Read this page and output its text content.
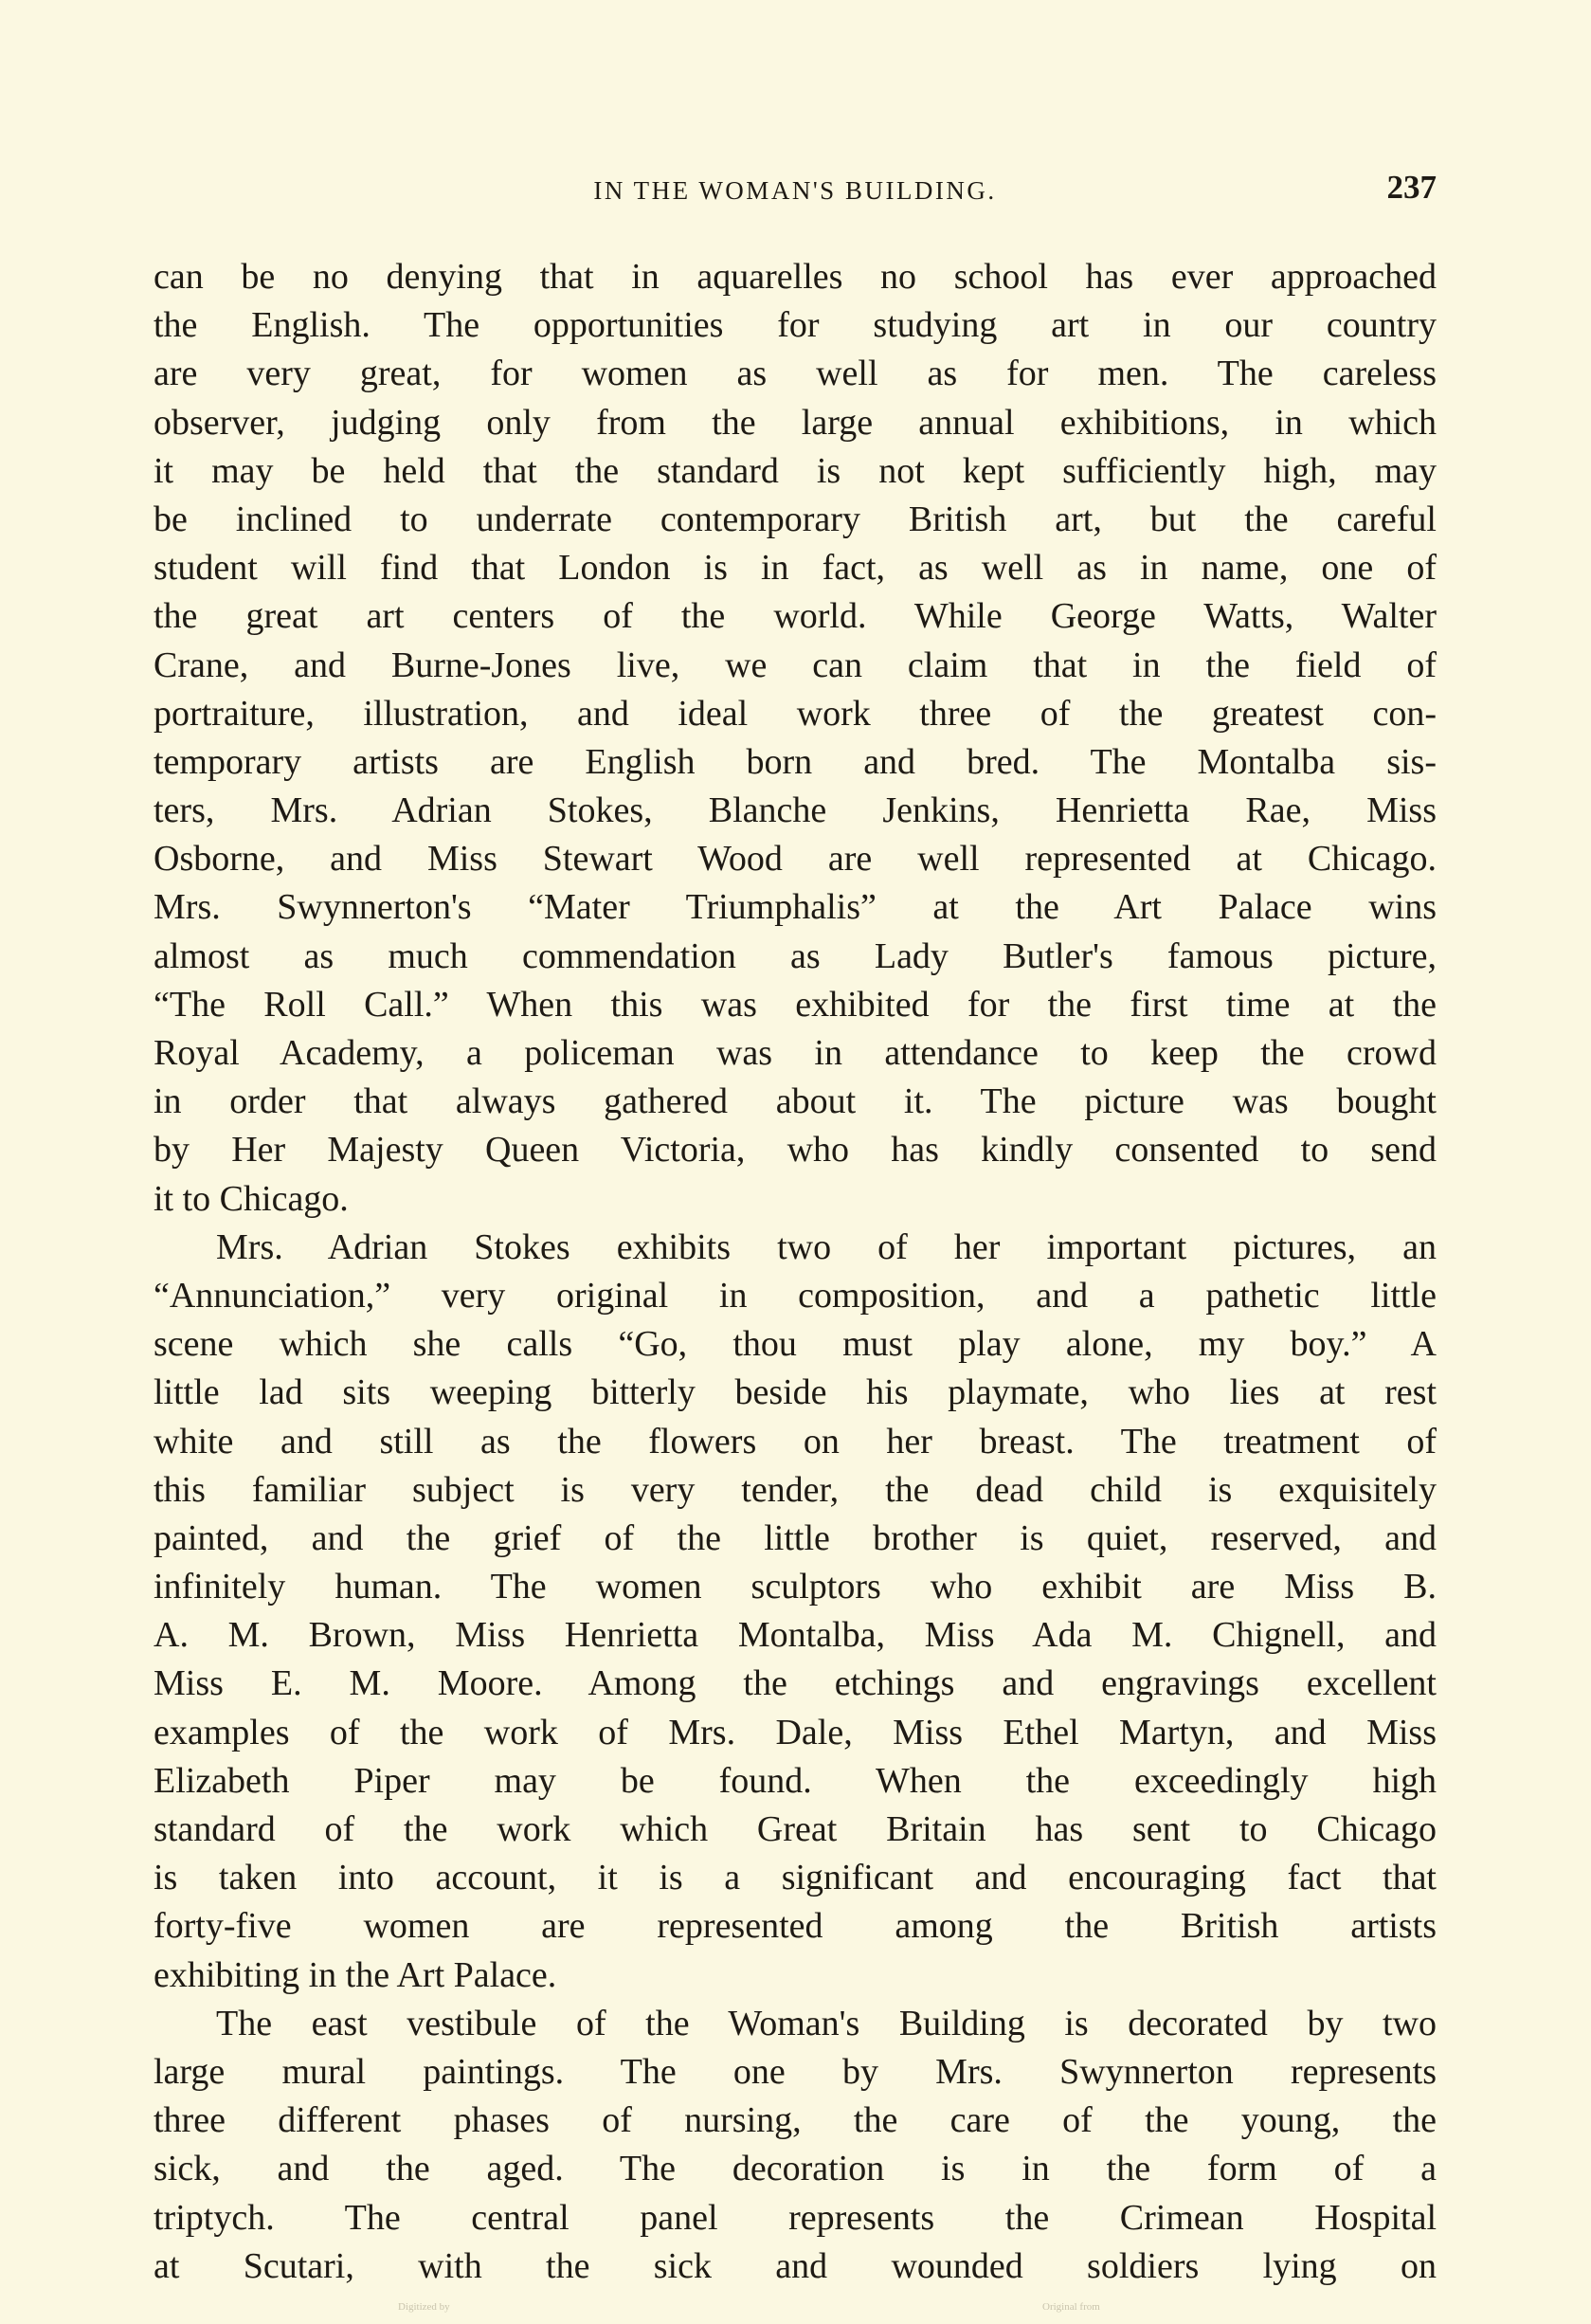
IN THE WOMAN'S BUILDING.	237
can be no denying that in aquarelles no school has ever approached
the English. The opportunities for studying art in our country
are very great, for women as well as for men. The careless
observer, judging only from the large annual exhibitions, in which
it may be held that the standard is not kept sufficiently high, may
be inclined to underrate contemporary British art, but the careful
student will find that London is in fact, as well as in name, one of
the great art centers of the world. While George Watts, Walter
Crane, and Burne-Jones live, we can claim that in the field of
portraiture, illustration, and ideal work three of the greatest con-
temporary artists are English born and bred. The Montalba sis-
ters, Mrs. Adrian Stokes, Blanche Jenkins, Henrietta Rae, Miss
Osborne, and Miss Stewart Wood are well represented at Chicago.
Mrs. Swynnerton's “Mater Triumphalis” at the Art Palace wins
almost as much commendation as Lady Butler's famous picture,
“The Roll Call.” When this was exhibited for the first time at the
Royal Academy, a policeman was in attendance to keep the crowd
in order that always gathered about it. The picture was bought
by Her Majesty Queen Victoria, who has kindly consented to send
it to Chicago.
Mrs. Adrian Stokes exhibits two of her important pictures, an
“Annunciation,” very original in composition, and a pathetic little
scene which she calls “Go, thou must play alone, my boy.” A
little lad sits weeping bitterly beside his playmate, who lies at rest
white and still as the flowers on her breast. The treatment of
this familiar subject is very tender, the dead child is exquisitely
painted, and the grief of the little brother is quiet, reserved, and
infinitely human. The women sculptors who exhibit are Miss B.
A. M. Brown, Miss Henrietta Montalba, Miss Ada M. Chignell, and
Miss E. M. Moore. Among the etchings and engravings excellent
examples of the work of Mrs. Dale, Miss Ethel Martyn, and Miss
Elizabeth Piper may be found. When the exceedingly high
standard of the work which Great Britain has sent to Chicago
is taken into account, it is a significant and encouraging fact that
forty-five women are represented among the British artists
exhibiting in the Art Palace.
The east vestibule of the Woman's Building is decorated by two
large mural paintings. The one by Mrs. Swynnerton represents
three different phases of nursing, the care of the young, the
sick, and the aged. The decoration is in the form of a
triptych. The central panel represents the Crimean Hospital
at Scutari, with the sick and wounded soldiers lying on
Digitized by	Original from
